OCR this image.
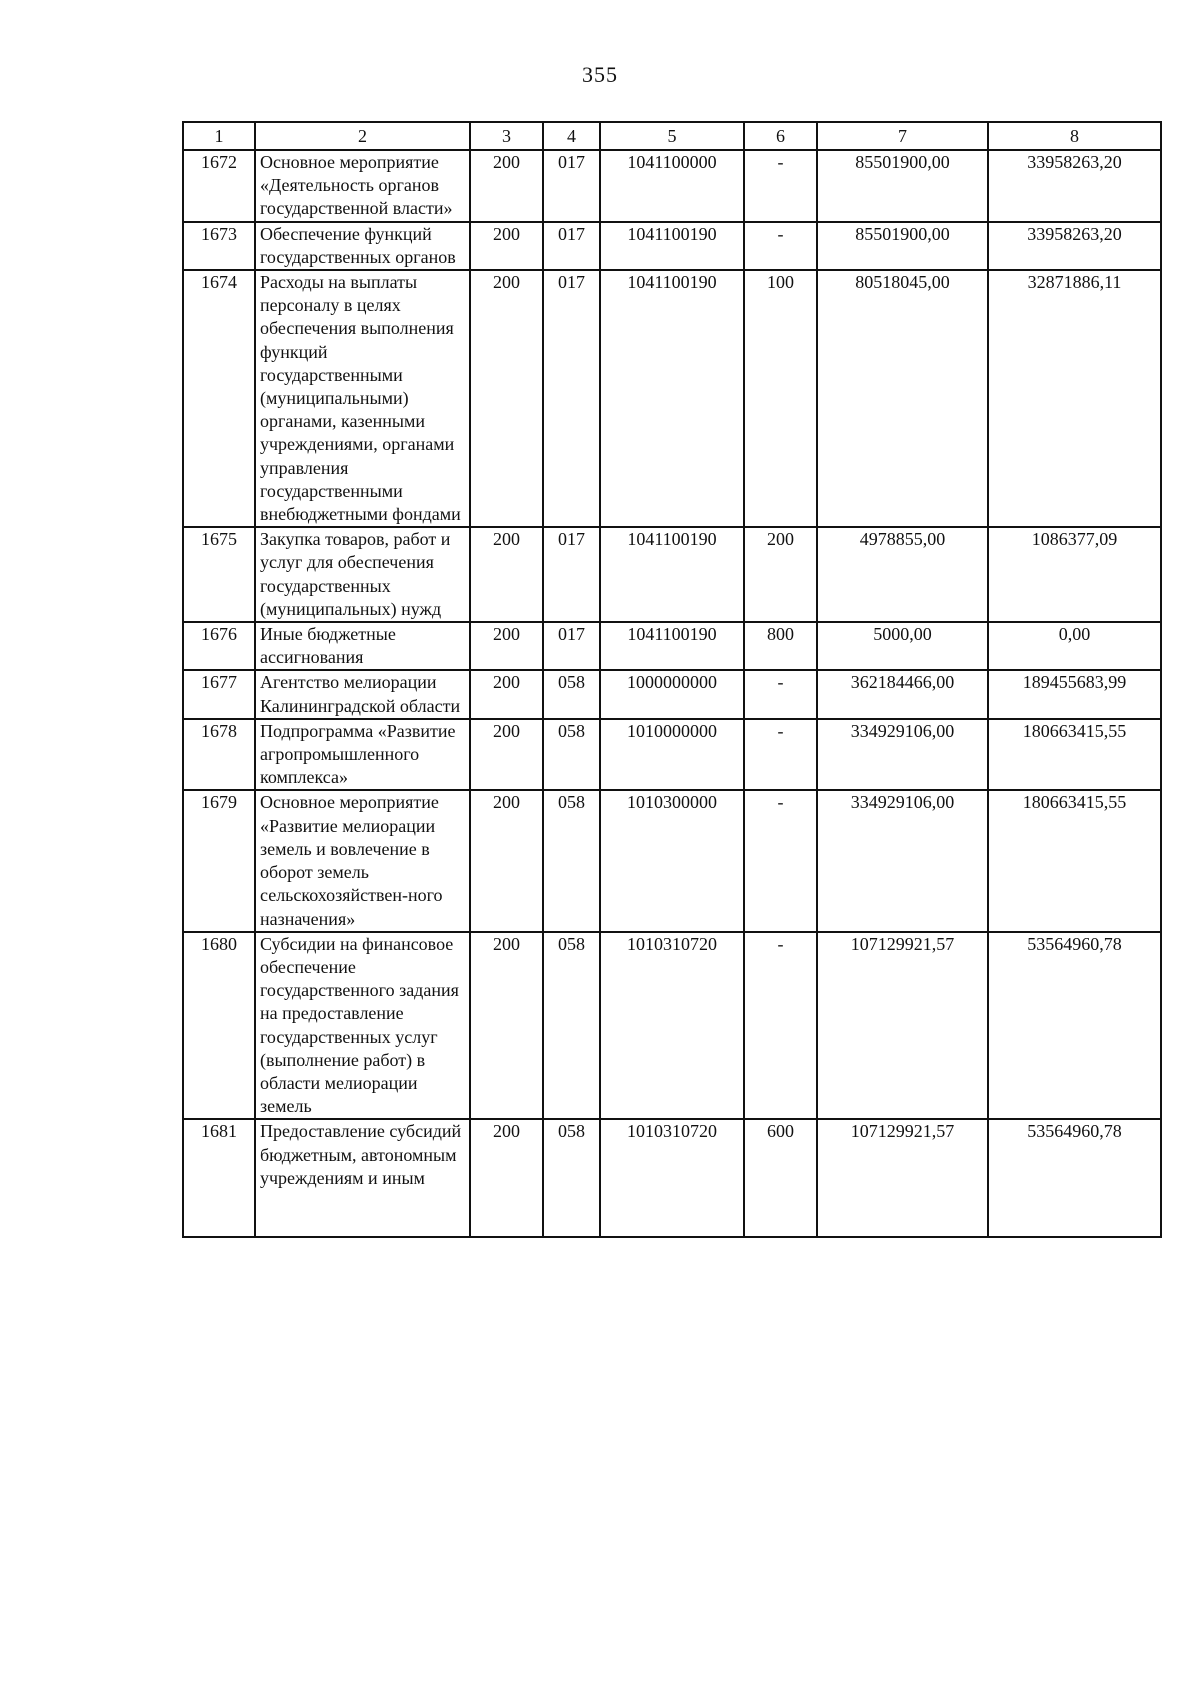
355
1	2	3	4	5	6	7	8
1672	Основное мероприятие «Деятельность органов государственной власти»	200	017	1041100000	-	85501900,00	33958263,20
1673	Обеспечение функций государственных органов	200	017	1041100190	-	85501900,00	33958263,20
1674	Расходы на выплаты персоналу в целях обеспечения выполнения функций государственными (муниципальными) органами, казенными учреждениями, органами управления государственными внебюджетными фондами	200	017	1041100190	100	80518045,00	32871886,11
1675	Закупка товаров, работ и услуг для обеспечения государственных (муниципальных) нужд	200	017	1041100190	200	4978855,00	1086377,09
1676	Иные бюджетные ассигнования	200	017	1041100190	800	5000,00	0,00
1677	Агентство мелиорации Калининградской области	200	058	1000000000	-	362184466,00	189455683,99
1678	Подпрограмма «Развитие агропромышленного комплекса»	200	058	1010000000	-	334929106,00	180663415,55
1679	Основное мероприятие «Развитие мелиорации земель и вовлечение в оборот земель сельскохозяйствен-ного назначения»	200	058	1010300000	-	334929106,00	180663415,55
1680	Субсидии на финансовое обеспечение государственного задания на предоставление государственных услуг (выполнение работ) в области мелиорации земель	200	058	1010310720	-	107129921,57	53564960,78
1681	Предоставление субсидий бюджетным, автономным учреждениям и иным	200	058	1010310720	600	107129921,57	53564960,78
